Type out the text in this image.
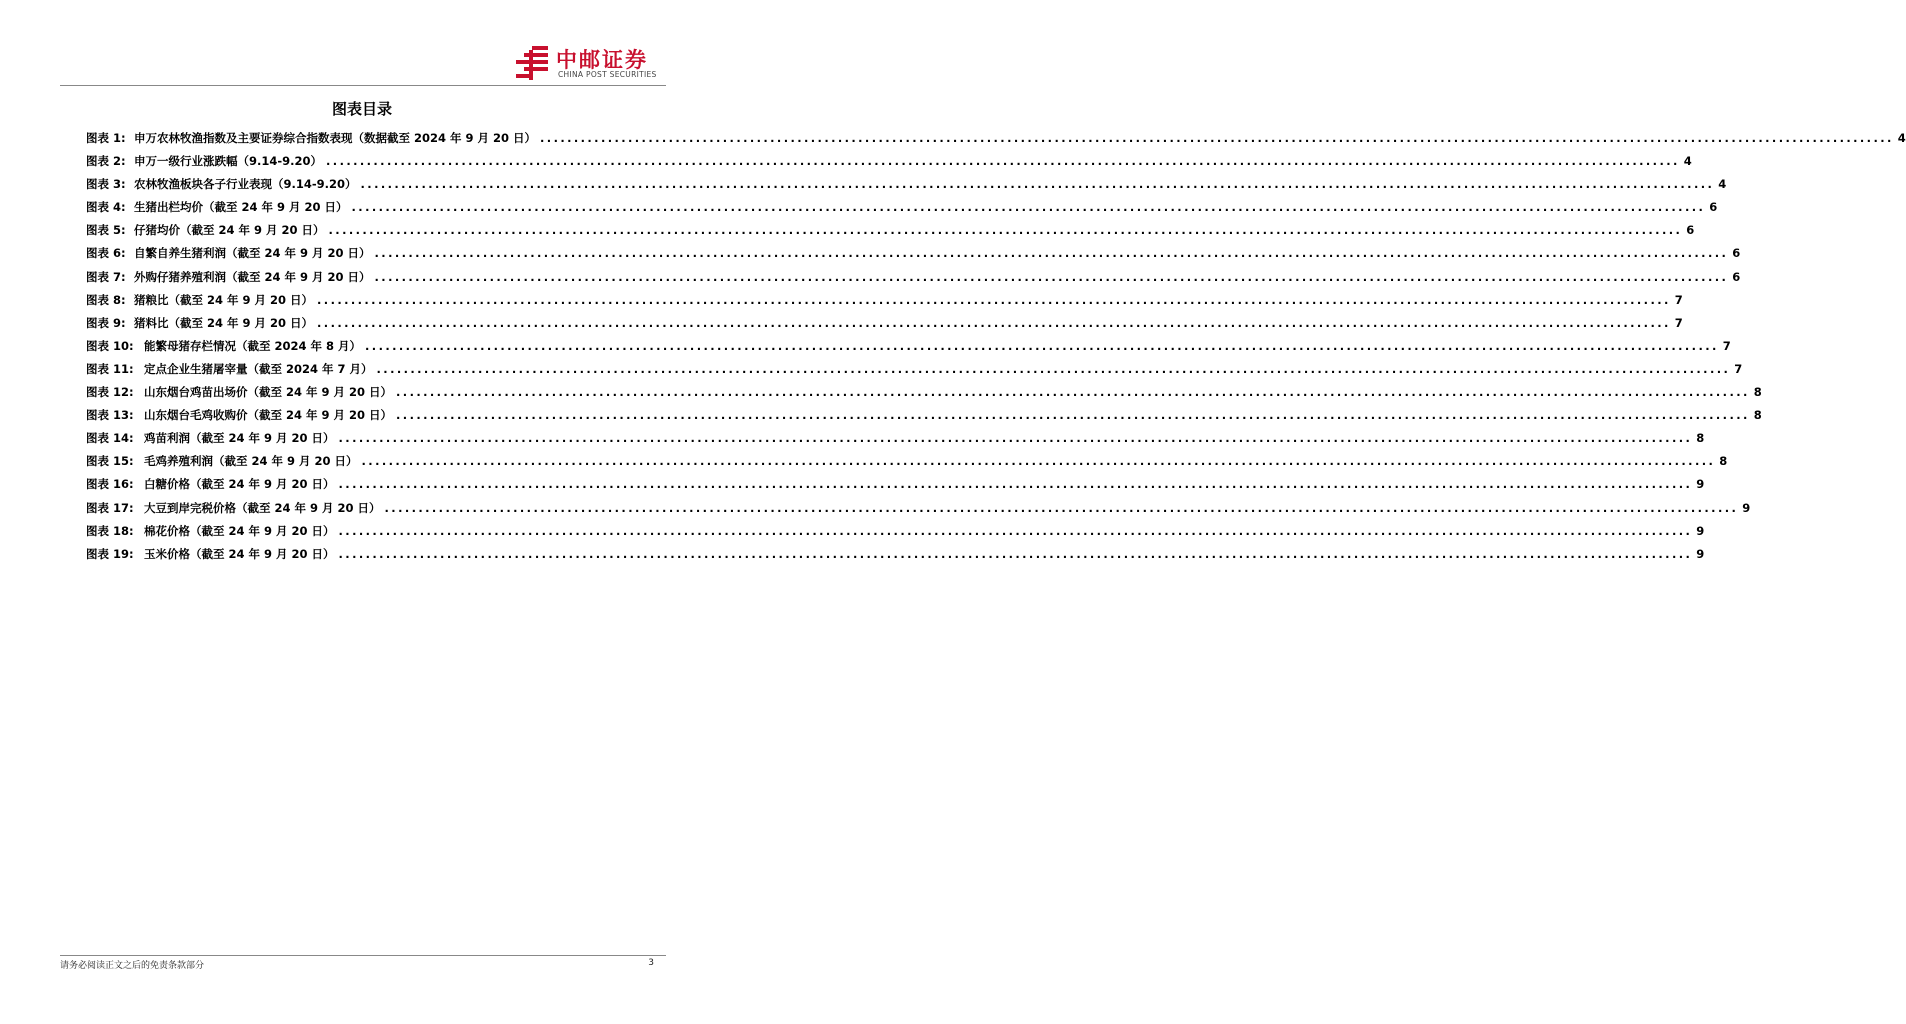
中邮证券
CHINA POST SECURITIES
图表目录
图表 1: 申万农林牧渔指数及主要证券综合指数表现（数据截至 2024 年 9 月 20 日） ........................................................................................................................................................................................................ 4
图表 2: 申万一级行业涨跌幅（9.14-9.20） ........................................................................................................................................................................................................ 4
图表 3: 农林牧渔板块各子行业表现（9.14-9.20） ........................................................................................................................................................................................................ 4
图表 4: 生猪出栏均价（截至 24 年 9 月 20 日） ........................................................................................................................................................................................................ 6
图表 5: 仔猪均价（截至 24 年 9 月 20 日） ........................................................................................................................................................................................................ 6
图表 6: 自繁自养生猪利润（截至 24 年 9 月 20 日） ........................................................................................................................................................................................................ 6
图表 7: 外购仔猪养殖利润（截至 24 年 9 月 20 日） ........................................................................................................................................................................................................ 6
图表 8: 猪粮比（截至 24 年 9 月 20 日） ........................................................................................................................................................................................................ 7
图表 9: 猪料比（截至 24 年 9 月 20 日） ........................................................................................................................................................................................................ 7
图表 10: 能繁母猪存栏情况（截至 2024 年 8 月） ........................................................................................................................................................................................................ 7
图表 11: 定点企业生猪屠宰量（截至 2024 年 7 月） ........................................................................................................................................................................................................ 7
图表 12: 山东烟台鸡苗出场价（截至 24 年 9 月 20 日） ........................................................................................................................................................................................................ 8
图表 13: 山东烟台毛鸡收购价（截至 24 年 9 月 20 日） ........................................................................................................................................................................................................ 8
图表 14: 鸡苗利润（截至 24 年 9 月 20 日） ........................................................................................................................................................................................................ 8
图表 15: 毛鸡养殖利润（截至 24 年 9 月 20 日） ........................................................................................................................................................................................................ 8
图表 16: 白糖价格（截至 24 年 9 月 20 日） ........................................................................................................................................................................................................ 9
图表 17: 大豆到岸完税价格（截至 24 年 9 月 20 日） ........................................................................................................................................................................................................ 9
图表 18: 棉花价格（截至 24 年 9 月 20 日） ........................................................................................................................................................................................................ 9
图表 19: 玉米价格（截至 24 年 9 月 20 日） ........................................................................................................................................................................................................ 9
请务必阅读正文之后的免责条款部分	3
